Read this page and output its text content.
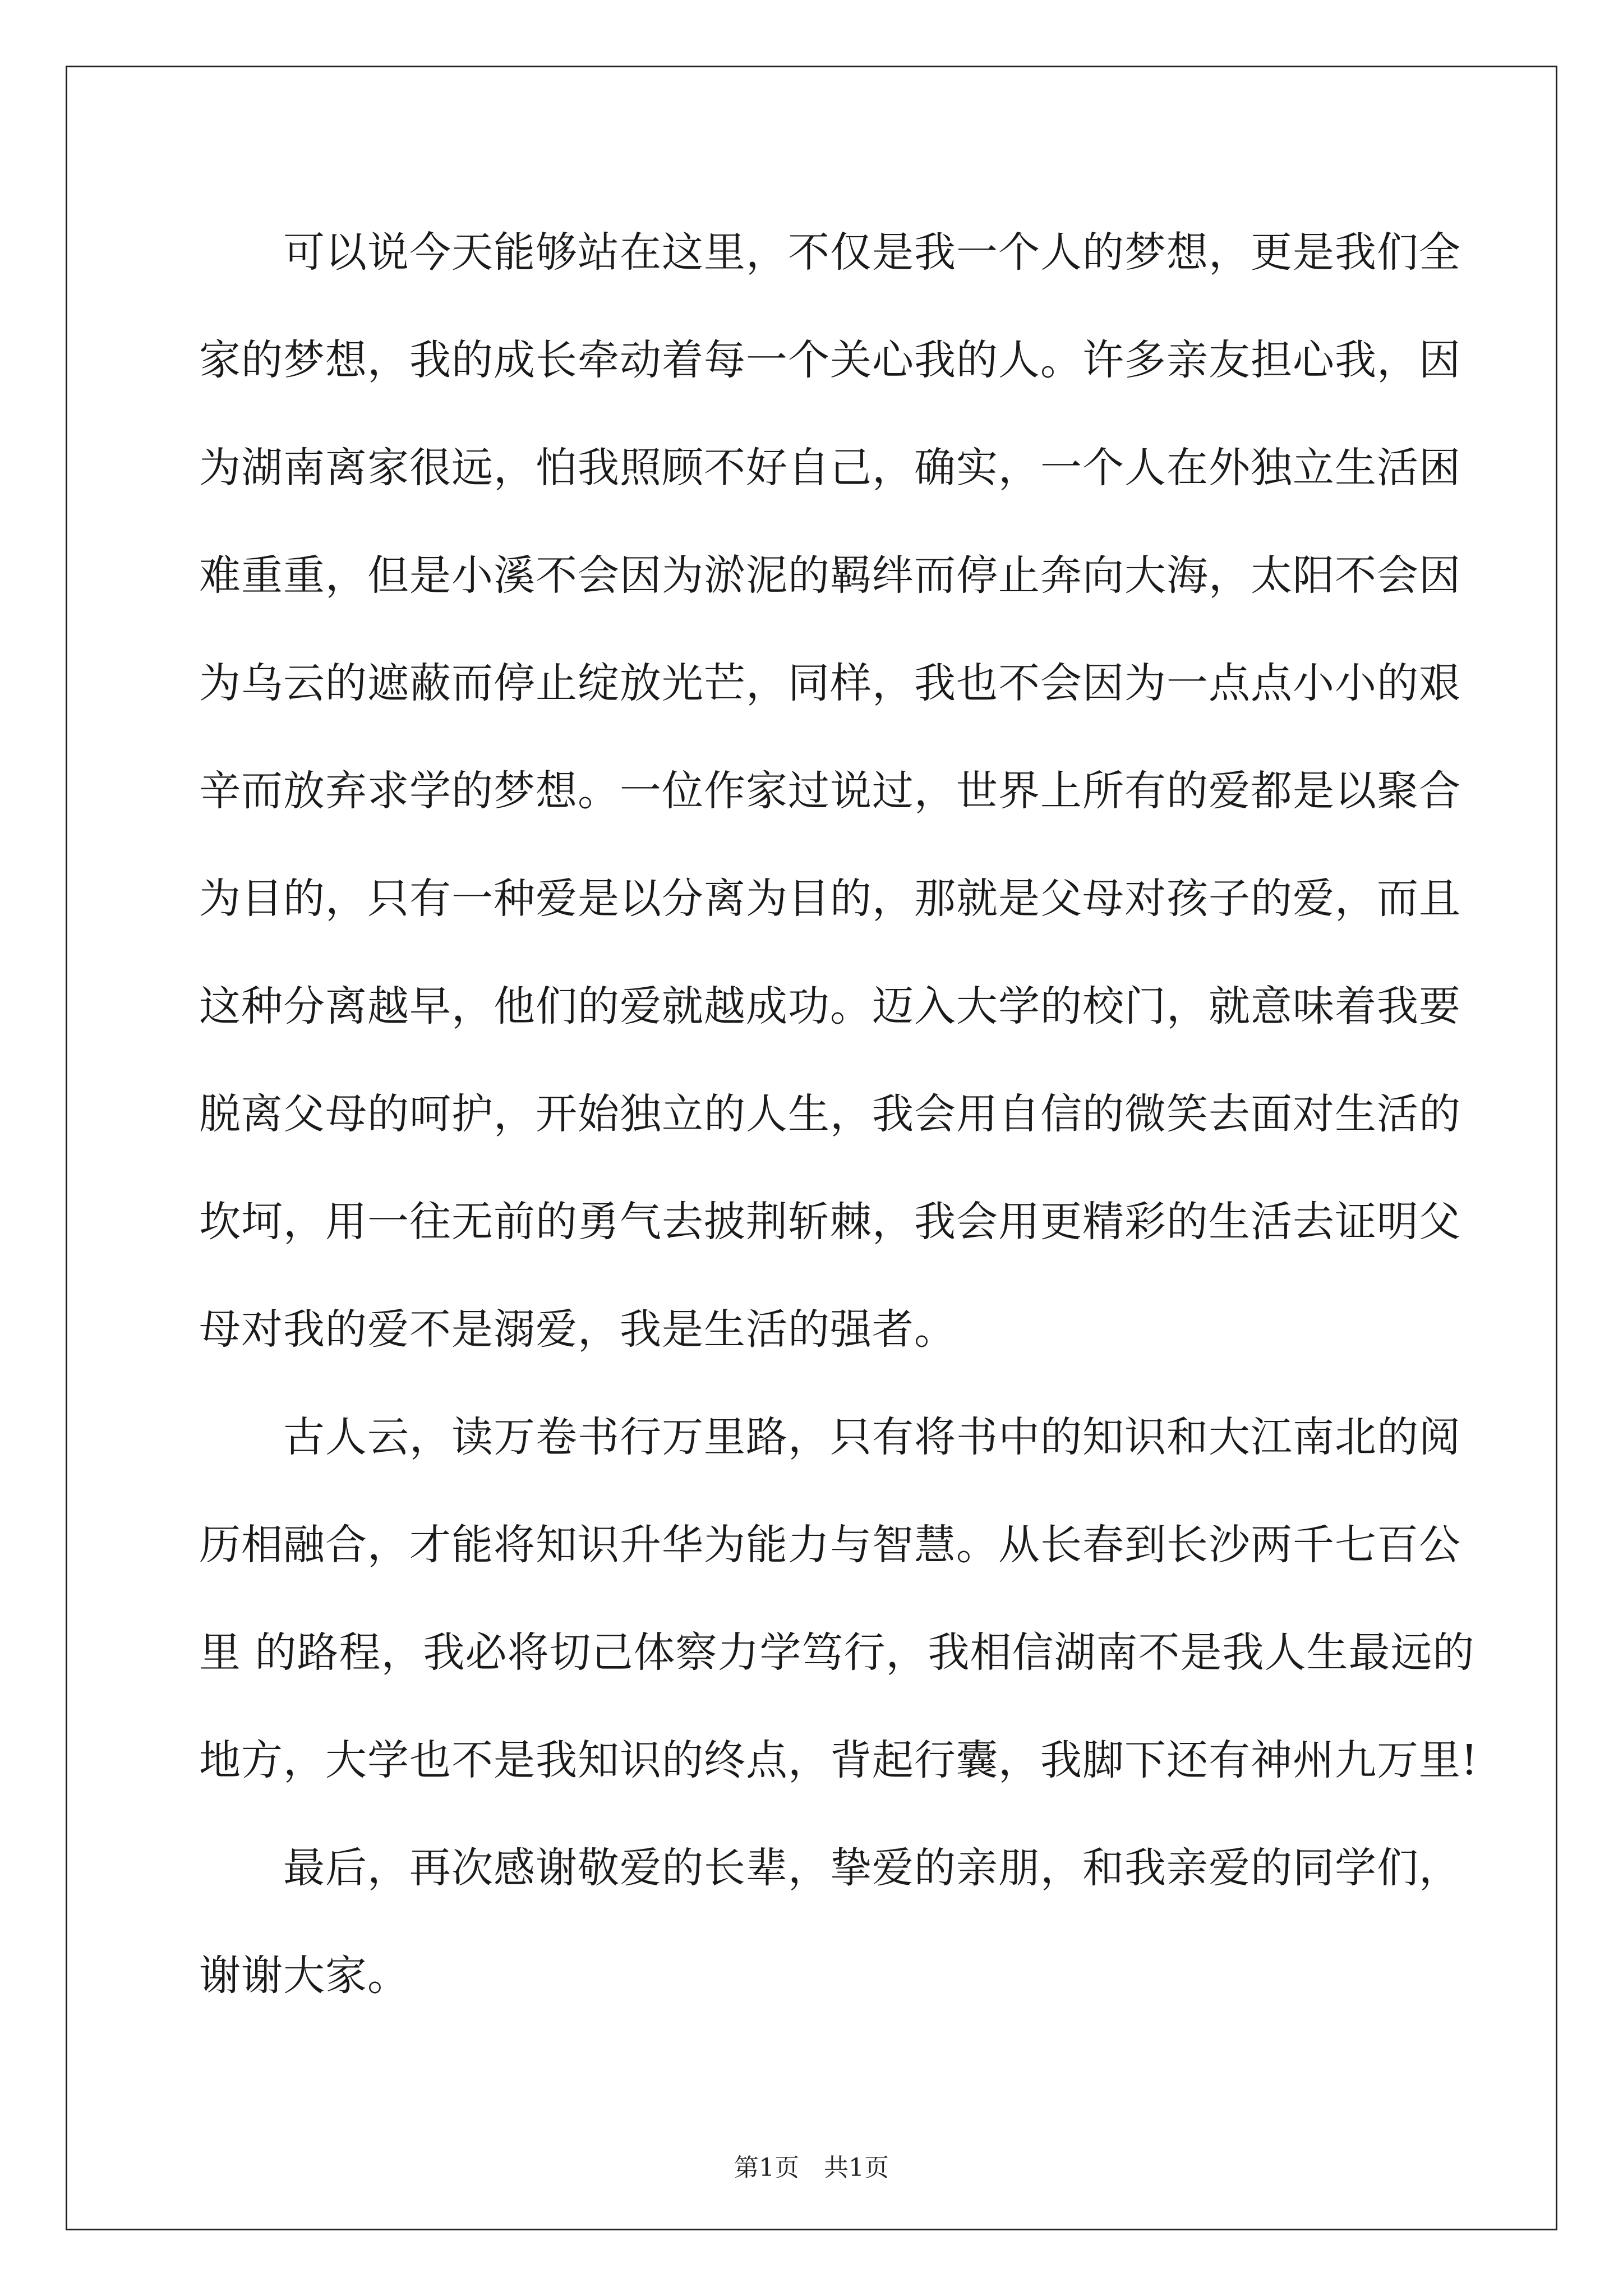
　　可以说今天能够站在这里，不仅是我一个人的梦想，更是我们全
家的梦想，我的成长牵动着每一个关心我的人。许多亲友担心我，因
为湖南离家很远，怕我照顾不好自己，确实，一个人在外独立生活困
难重重，但是小溪不会因为淤泥的羁绊而停止奔向大海，太阳不会因
为乌云的遮蔽而停止绽放光芒，同样，我也不会因为一点点小小的艰
辛而放弃求学的梦想。一位作家过说过，世界上所有的爱都是以聚合
为目的，只有一种爱是以分离为目的，那就是父母对孩子的爱，而且
这种分离越早，他们的爱就越成功。迈入大学的校门，就意味着我要
脱离父母的呵护，开始独立的人生，我会用自信的微笑去面对生活的
坎坷，用一往无前的勇气去披荆斩棘，我会用更精彩的生活去证明父
母对我的爱不是溺爱，我是生活的强者。
　　古人云，读万卷书行万里路，只有将书中的知识和大江南北的阅
历相融合，才能将知识升华为能力与智慧。从长春到长沙两千七百公
里 的路程，我必将切己体察力学笃行，我相信湖南不是我人生最远的
地方，大学也不是我知识的终点，背起行囊，我脚下还有神州九万里!
　　最后，再次感谢敬爱的长辈，挚爱的亲朋，和我亲爱的同学们，
谢谢大家。
第1页　共1页
